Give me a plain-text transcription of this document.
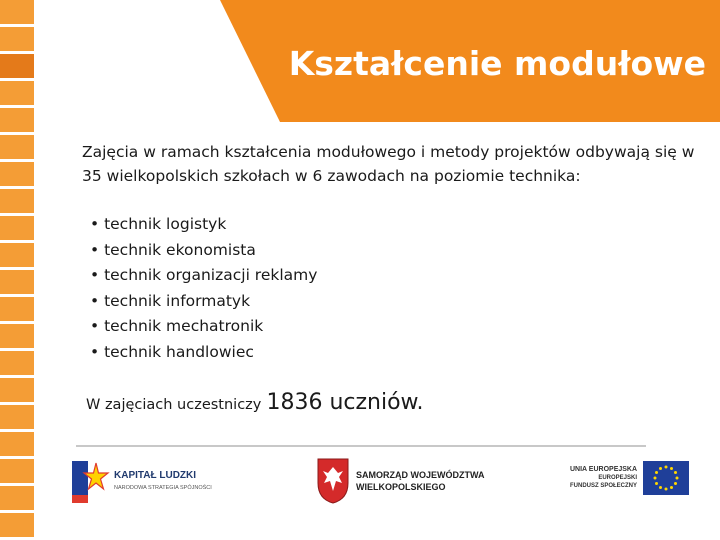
Kształcenie modułowe
Zajęcia w ramach kształcenia modułowego i metody projektów odbywają się w 35 wielkopolskich szkołach w 6 zawodach na poziomie technika:
• technik logistyk
• technik ekonomista
• technik organizacji reklamy
• technik informatyk
• technik mechatronik
• technik handlowiec
W zajęciach uczestniczy 1836 uczniów.
KAPITAŁ LUDZKI
NARODOWA STRATEGIA SPÓJNOŚCI
SAMORZĄD WOJEWÓDZTWA
WIELKOPOLSKIEGO
UNIA EUROPEJSKA
EUROPEJSKI
FUNDUSZ SPOŁECZNY
